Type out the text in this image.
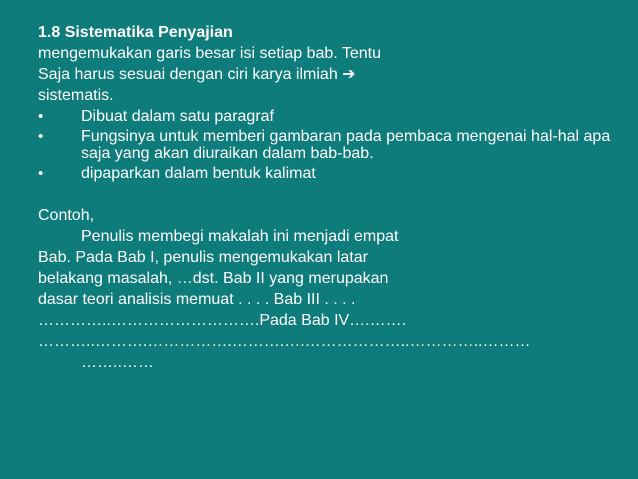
1.8 Sistematika Penyajian

mengemukakan garis besar isi setiap bab. Tentu

Saja harus sesuai dengan ciri karya ilmiah ➔

sistematis.

•	Dibuat dalam satu paragraf
•	Fungsinya untuk memberi gambaran pada pembaca mengenai hal-hal apa saja yang akan diuraikan dalam bab-bab.
•	dipaparkan dalam bentuk kalimat

Contoh,

Penulis membegi makalah ini menjadi empat

Bab. Pada Bab I, penulis mengemukakan latar

belakang masalah, …dst. Bab II yang merupakan

dasar teori analisis memuat . . . . Bab III . . . .

…………..……………………….Pada Bab IV….…….

………..……….…………….……….….………………..…………..………

……..……
